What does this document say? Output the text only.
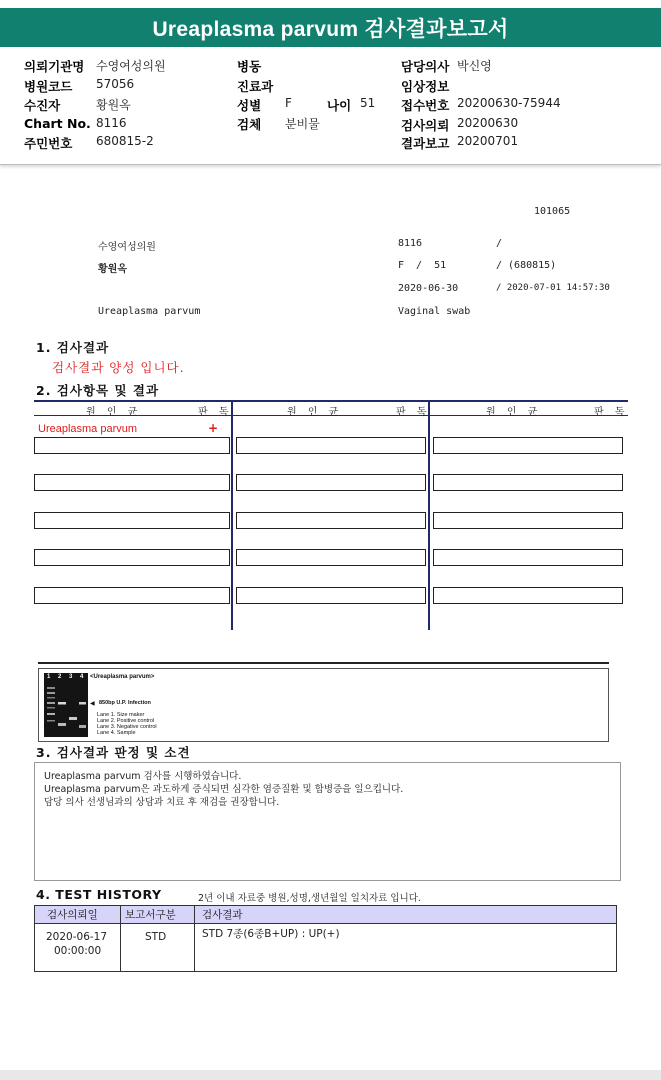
Ureaplasma parvum 검사결과보고서
의뢰기관명 수영여성의원
병원코드 57056
수진자	황원옥
Chart No. 8116
주민번호 680815-2
병동
진료과
성별 F
검체 분비물
나이 51
담당의사 박신영
임상정보
접수번호 20200630-75944
검사의뢰 20200630
결과보고 20200701
101065
수영여성의원	8116	/
황원옥	F  /  51	/ (680815)
2020-06-30	/ 2020-07-01 14:57:30
Ureaplasma parvum	Vaginal swab
1. 검사결과
검사결과 양성 입니다.
2. 검사항목 및 결과
원 인 균	판 독	원 인 균	판 독	원 인 균	판 독
Ureaplasma parvum	+
1 2 3 4 <Ureaplasma parvum>
◀ 850bp U.P. Infection
Lane 1. Size maker
Lane 2. Positive control
Lane 3. Negative control
Lane 4. Sample
3. 검사결과 판정 및 소견
Ureaplasma parvum 검사를 시행하였습니다.
Ureaplasma parvum은 과도하게 증식되면 심각한 염증질환 및 합병증을 일으킵니다.
담당 의사 선생님과의 상담과 치료 후 재검을 권장합니다.
4. TEST HISTORY	2년 이내 자료중 병원,성명,생년월일 일치자료 입니다.
검사의뢰일	보고서구분	검사결과
2020-06-17
00:00:00
STD	STD 7종(6종B+UP) : UP(+)
